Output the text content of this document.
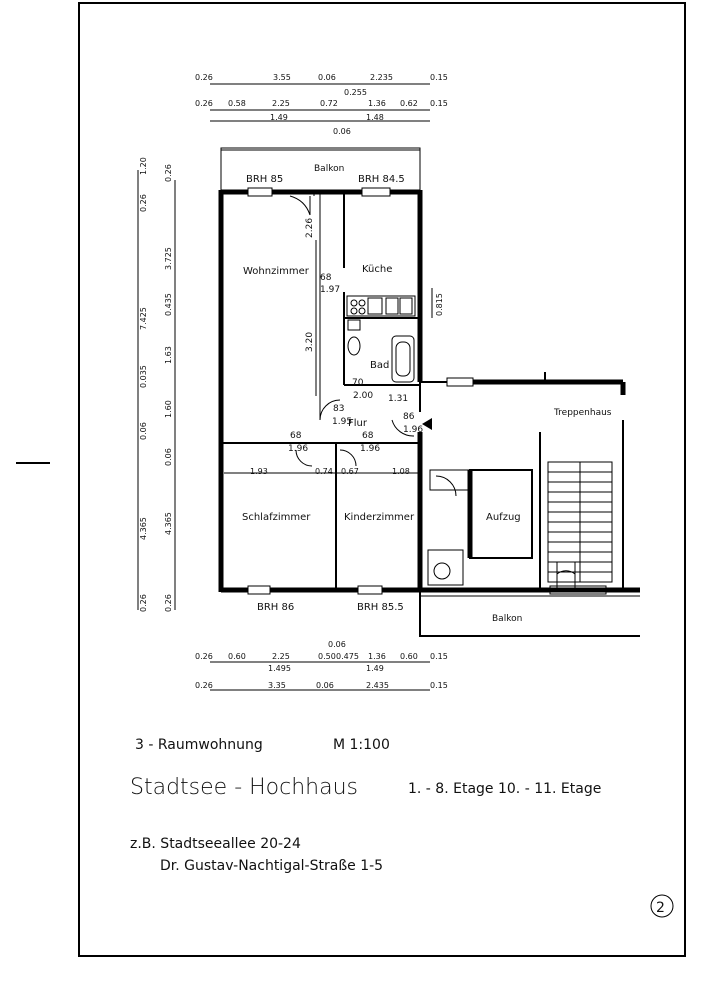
0.26	3.55	0.06	2.235	0.15
0.255
0.26 0.58	2.25	0.72	1.36 0.62 0.15
1.49	1.48
0.06
1.20 0.26
0.26
3.725
7.425
0.435
1.63
0.035
1.60
0.06
0.06
4.365 4.365
0.26 0.26
2.26
68
1.97
3.20
0.815
70
2.00 1.31
83
1.95	86
1.96
68
1.96
68
1.96
1.93	0.74 0.67	1.08
0.06
0.26 0.60	2.25	0.50 0.475 1.36 0.60 0.15
1.495	1.49
0.26	3.35	0.06	2.435	0.15
Wohnzimmer	Küche
Bad
Flur
Schlafzimmer	Kinderzimmer	Aufzug
Treppenhaus
Balkon
Balkon
BRH 85	BRH 84.5
BRH 86	BRH 85.5
3 - Raumwohnung	M 1:100
Stadtsee - Hochhaus	1. - 8. Etage 10. - 11. Etage
z.B. Stadtseeallee 20-24
Dr. Gustav-Nachtigal-Straße 1-5
2
